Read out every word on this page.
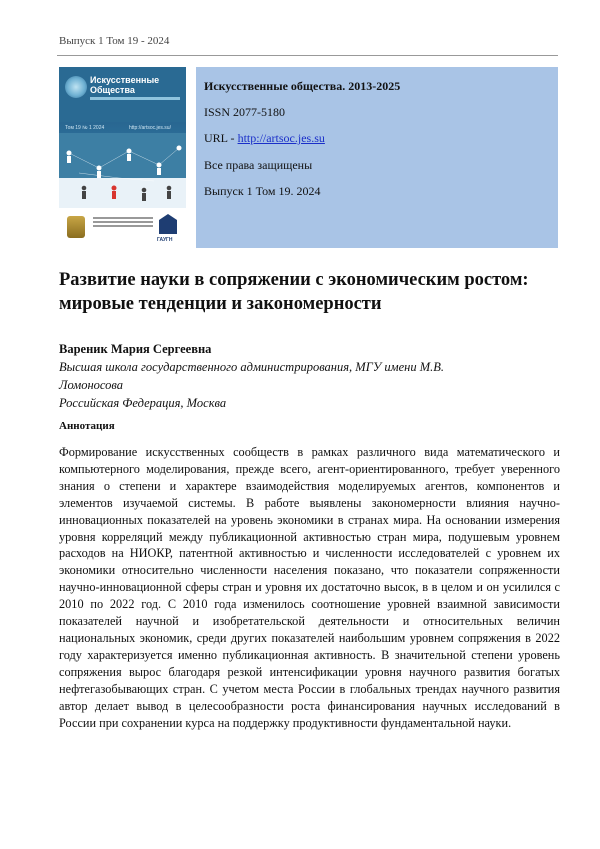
Выпуск 1 Том 19 - 2024
Искусственные
Общества
Том 19 № 1 2024	http://artsoc.jes.su/
ГАУГН
Искусственные общества. 2013-2025
ISSN 2077-5180
URL - http://artsoc.jes.su
Все права защищены
Выпуск 1 Том 19. 2024
Развитие науки в сопряжении с экономическим ростом: мировые тенденции и закономерности
Вареник Мария Сергеевна
Высшая школа государственного администрирования, МГУ имени М.В.
Ломоносова
Российская Федерация, Москва
Аннотация

Формирование искусственных сообществ в рамках различного вида математического и компьютерного моделирования, прежде всего, агент-ориентированного, требует уверенного знания о степени и характере взаимодействия моделируемых агентов, компонентов и элементов изучаемой системы. В работе выявлены закономерности влияния научно-инновационных показателей на уровень экономики в странах мира. На основании измерения уровня корреляций между публикационной активностью стран мира, подушевым уровнем расходов на НИОКР, патентной активностью и численности исследователей с уровнем их экономики относительно численности населения показано, что показатели сопряженности научно-инновационной сферы стран и уровня их достаточно высок, в в целом и он усилился с 2010 по 2022 год. С 2010 года изменилось соотношение уровней взаимной зависимости показателей научной и изобретательской деятельности и относительных величин национальных экономик, среди других показателей наибольшим уровнем сопряжения в 2022 году характеризуется именно публикационная активность. В значительной степени уровень сопряжения вырос благодаря резкой интенсификации уровня научного развития богатых нефтегазобывающих стран. С учетом места России в глобальных трендах научного развития автор делает вывод в целесообразности роста финансирования научных исследований в России при сохранении курса на поддержку продуктивности фундаментальной науки.
